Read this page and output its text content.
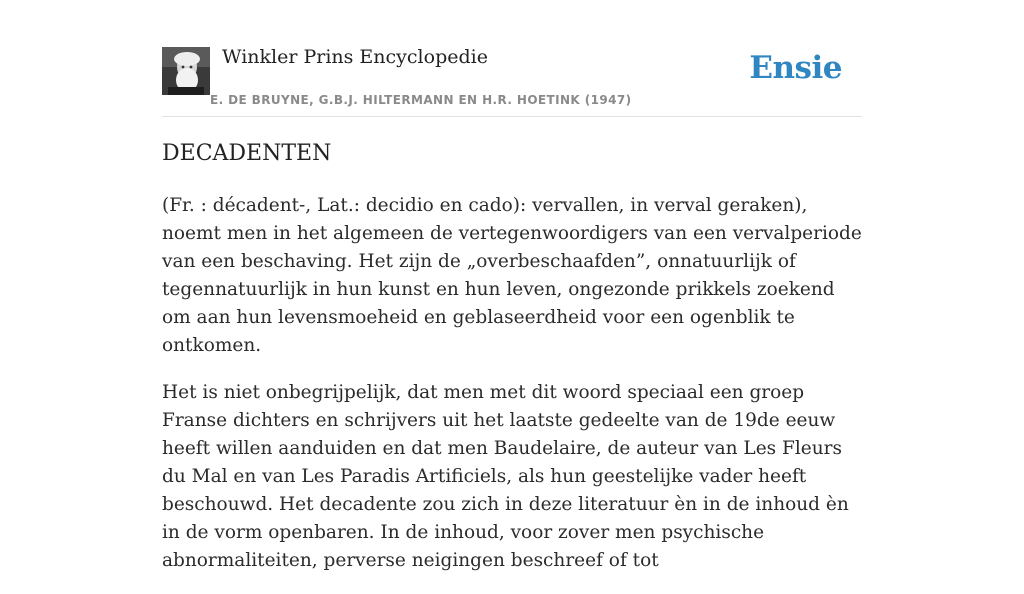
Winkler Prins Encyclopedie
E. DE BRUYNE, G.B.J. HILTERMANN EN H.R. HOETINK (1947)
Ensie
DECADENTEN

(Fr. : décadent-, Lat.: decidio en cado): vervallen, in verval geraken), noemt men in het algemeen de vertegenwoordigers van een vervalperiode van een beschaving. Het zijn de „overbeschaafden”, onnatuurlijk of tegennatuurlijk in hun kunst en hun leven, ongezonde prikkels zoekend om aan hun levensmoeheid en geblaseerdheid voor een ogenblik te ontkomen.

Het is niet onbegrijpelijk, dat men met dit woord speciaal een groep Franse dichters en schrijvers uit het laatste gedeelte van de 19de eeuw heeft willen aanduiden en dat men Baudelaire, de auteur van Les Fleurs du Mal en van Les Paradis Artificiels, als hun geestelijke vader heeft beschouwd. Het decadente zou zich in deze literatuur èn in de inhoud èn in de vorm openbaren. In de inhoud, voor zover men psychische abnormaliteiten, perverse neigingen beschreef of tot
